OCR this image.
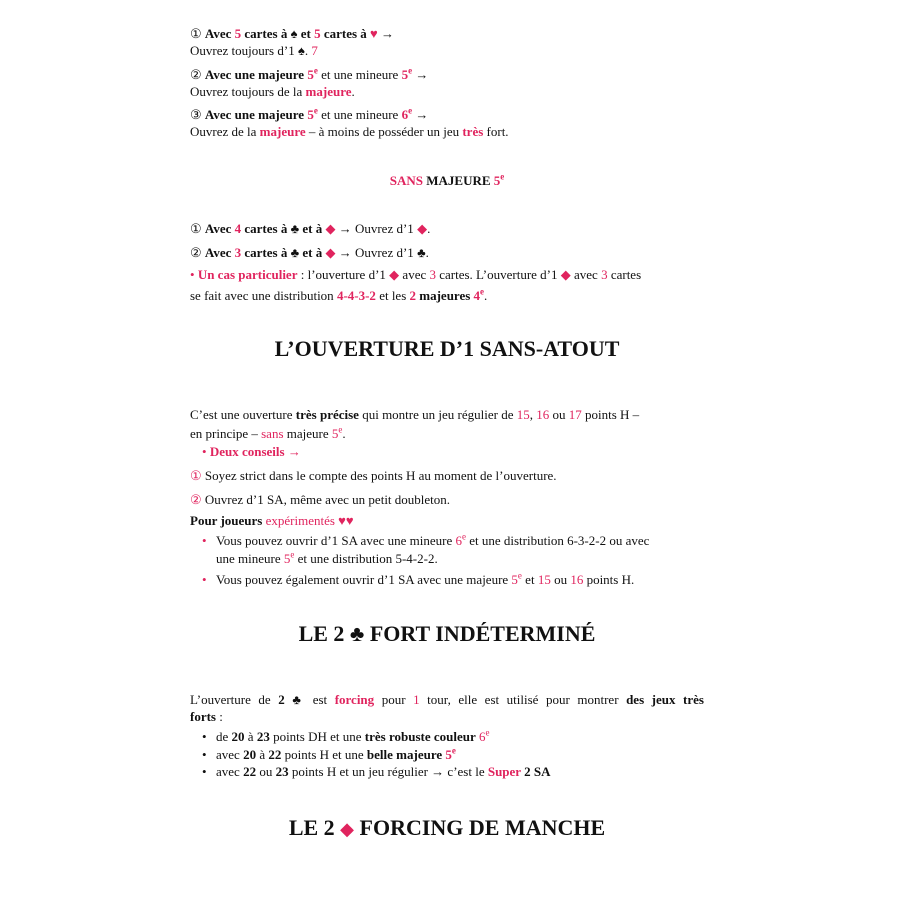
① Avec 5 cartes à ♠ et 5 cartes à ♥ →

Ouvrez toujours d’1 ♠. 7

② Avec une majeure 5e et une mineure $5^e$ →

Ouvrez toujours de la majeure.

③ Avec une majeure 5e et une mineure $6^e$ →

Ouvrez de la majeure – à moins de posséder un jeu très fort.

SANS MAJEURE 5e

① Avec 4 cartes à ♣ et à ◆ → Ouvrez d’1 ◆.

② Avec 3 cartes à ♣ et à ◆ → Ouvrez d’1 ♣.

• Un cas particulier : l’ouverture d’1 ◆ avec 3 cartes. L’ouverture d’1 ◆ avec 3 cartes

se fait avec une distribution 4-4-3-2 et les 2 majeures 4e.

L’OUVERTURE D’1 SANS-ATOUT

C’est une ouverture très précise qui montre un jeu régulier de 15, 16 ou 17 points H –

en principe – sans majeure 5e.

• Deux conseils →

① Soyez strict dans le compte des points H au moment de l’ouverture.

② Ouvrez d’1 SA, même avec un petit doubleton.

Pour joueurs expérimentés ♥♥

• Vous pouvez ouvrir d’1 SA avec une mineure 6e et une distribution 6-3-2-2 ou avec
une mineure 5e et une distribution 5-4-2-2.
• Vous pouvez également ouvrir d’1 SA avec une majeure 5e et 15 ou 16 points H.
LE 2 ♣ FORT INDÉTERMINÉ

L’ouverture de 2 ♣ est forcing pour 1 tour, elle est utilisé pour montrer des jeux très

forts :

• de 20 à 23 points DH et une très robuste couleur 6e
• avec 20 à 22 points H et une belle majeure 5e
• avec 22 ou 23 points H et un jeu régulier → c’est le Super 2 SA
LE 2 ◆ FORCING DE MANCHE
